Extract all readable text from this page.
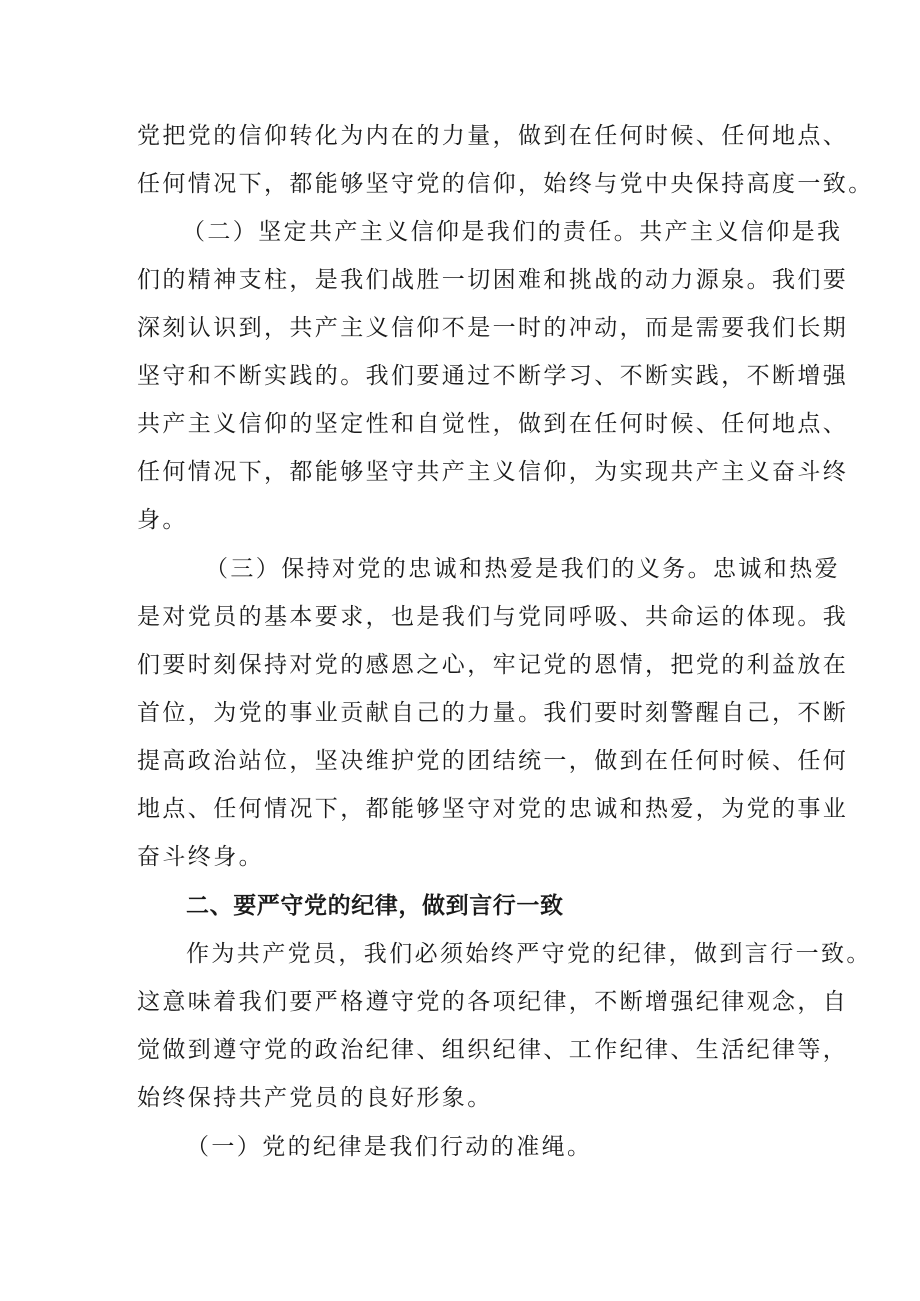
党把党的信仰转化为内在的力量，做到在任何时候、任何地点、
任何情况下，都能够坚守党的信仰，始终与党中央保持高度一致。
（二）坚定共产主义信仰是我们的责任。共产主义信仰是我
们的精神支柱，是我们战胜一切困难和挑战的动力源泉。我们要
深刻认识到，共产主义信仰不是一时的冲动，而是需要我们长期
坚守和不断实践的。我们要通过不断学习、不断实践，不断增强
共产主义信仰的坚定性和自觉性，做到在任何时候、任何地点、
任何情况下，都能够坚守共产主义信仰，为实现共产主义奋斗终
身。
（三）保持对党的忠诚和热爱是我们的义务。忠诚和热爱
是对党员的基本要求，也是我们与党同呼吸、共命运的体现。我
们要时刻保持对党的感恩之心，牢记党的恩情，把党的利益放在
首位，为党的事业贡献自己的力量。我们要时刻警醒自己，不断
提高政治站位，坚决维护党的团结统一，做到在任何时候、任何
地点、任何情况下，都能够坚守对党的忠诚和热爱，为党的事业
奋斗终身。
二、要严守党的纪律，做到言行一致
作为共产党员，我们必须始终严守党的纪律，做到言行一致。
这意味着我们要严格遵守党的各项纪律，不断增强纪律观念，自
觉做到遵守党的政治纪律、组织纪律、工作纪律、生活纪律等，
始终保持共产党员的良好形象。
（一）党的纪律是我们行动的准绳。
